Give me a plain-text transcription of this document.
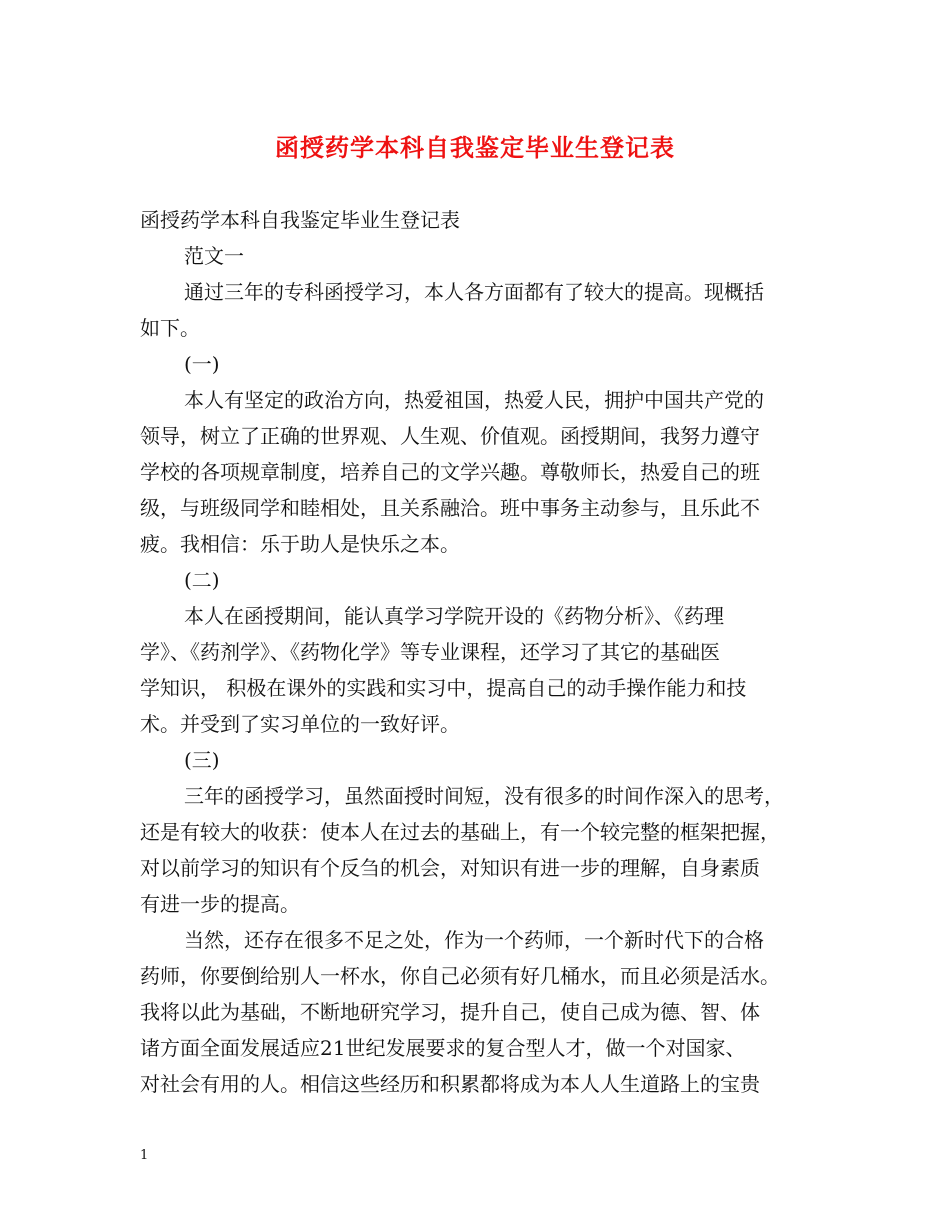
函授药学本科自我鉴定毕业生登记表
函授药学本科自我鉴定毕业生登记表
范文一
通过三年的专科函授学习，本人各方面都有了较大的提高。现概括
如下。
(一)
本人有坚定的政治方向，热爱祖国，热爱人民，拥护中国共产党的
领导，树立了正确的世界观、人生观、价值观。函授期间，我努力遵守
学校的各项规章制度，培养自己的文学兴趣。尊敬师长，热爱自己的班
级，与班级同学和睦相处，且关系融洽。班中事务主动参与，且乐此不
疲。我相信：乐于助人是快乐之本。
(二)
本人在函授期间，能认真学习学院开设的《药物分析》、《药理
学》、《药剂学》、《药物化学》等专业课程，还学习了其它的基础医
学知识， 积极在课外的实践和实习中，提高自己的动手操作能力和技
术。并受到了实习单位的一致好评。
(三)
三年的函授学习，虽然面授时间短，没有很多的时间作深入的思考，
还是有较大的收获：使本人在过去的基础上，有一个较完整的框架把握，
对以前学习的知识有个反刍的机会，对知识有进一步的理解，自身素质
有进一步的提高。
当然，还存在很多不足之处，作为一个药师，一个新时代下的合格
药师，你要倒给别人一杯水，你自己必须有好几桶水，而且必须是活水。
我将以此为基础，不断地研究学习，提升自己，使自己成为德、智、体
诸方面全面发展适应21世纪发展要求的复合型人才，做一个对国家、
对社会有用的人。相信这些经历和积累都将成为本人人生道路上的宝贵
1
